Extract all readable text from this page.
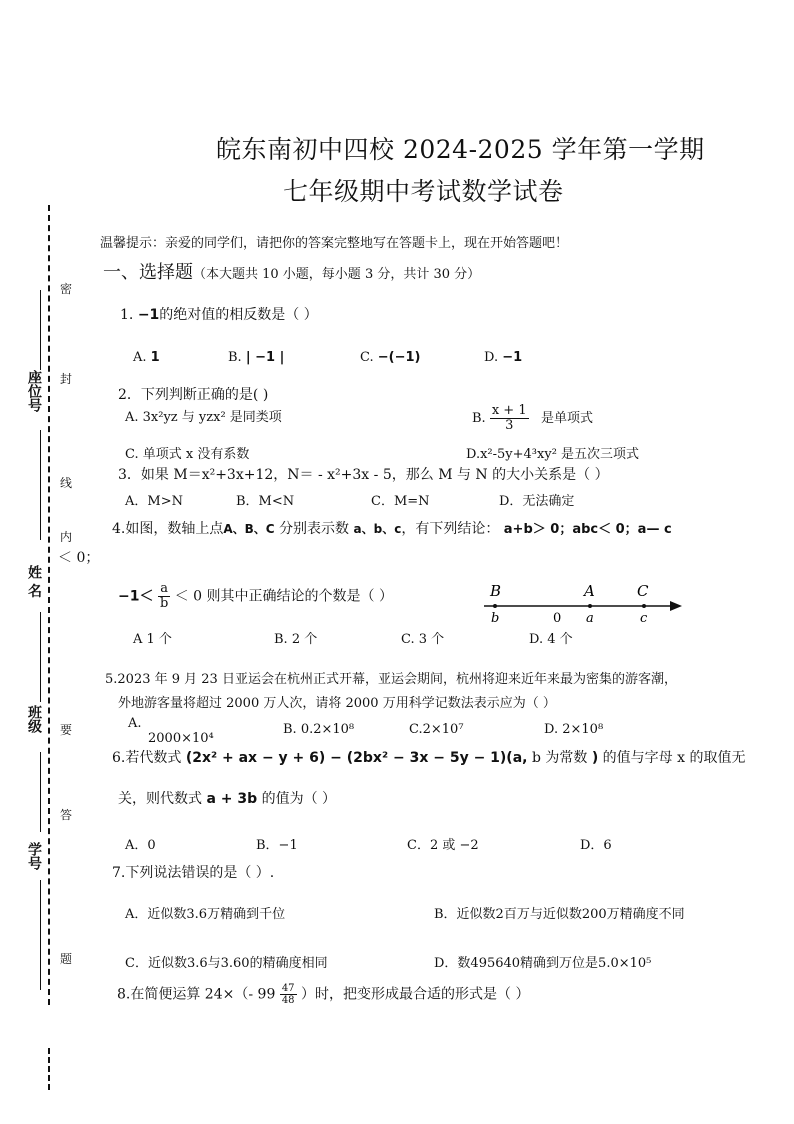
座位号
姓 名
班级
学号
密
封
线
内
要
答
题
皖东南初中四校 2024-2025 学年第一学期
七年级期中考试数学试卷
温馨提示：亲爱的同学们，请把你的答案完整地写在答题卡上，现在开始答题吧！
一、选择题（本大题共 10 小题，每小题 3 分，共计 30 分）
1. −1的绝对值的相反数是（ ）
A. 1	B. | −1 |	C. −(−1)	D. −1
2．下列判断正确的是( )
A. 3x²yz 与 yzx² 是同类项	B. $\frac{x + 1}{3}$ 是单项式
C. 单项式 x 没有系数	D.x²-5y+4³xy² 是五次三项式
3．如果 M＝x²+3x+12，N＝ - x²+3x - 5，那么 M 与 N 的大小关系是（ ）
A．M>N	B．M<N	C．M=N	D．无法确定
4.如图，数轴上点A、B、C 分别表示数 a、b、c，有下列结论： a+b＞ 0；abc＜ 0；a— c
＜ 0；
$-1< \frac{a}{b} < 0$ 则其中正确结论的个数是（ ）	B	A	C
b	0 a	c
A 1 个	B. 2 个	C. 3 个	D. 4 个
5.2023 年 9 月 23 日亚运会在杭州正式开幕，亚运会期间，杭州将迎来近年来最为密集的游客潮，
外地游客量将超过 2000 万人次，请将 2000 万用科学记数法表示应为（ ）
A.
2000×10⁴
B. 0.2×10⁸	C.2×10⁷	D. 2×10⁸
6.若代数式 (2x² + ax − y + 6) − (2bx² − 3x − 5y − 1)(a, b 为常数 ) 的值与字母 x 的取值无
关，则代数式 a + 3b 的值为（ ）
A．0	B．−1	C．2 或 −2	D．6
7.下列说法错误的是（ ）.
A．近似数3.6万精确到千位	B．近似数2百万与近似数200万精确度不同
C．近似数3.6与3.60的精确度相同	D．数495640精确到万位是5.0×10⁵
8.在简便运算 24×（- $99 \frac{47}{48}$ ）时，把变形成最合适的形式是（ ）
